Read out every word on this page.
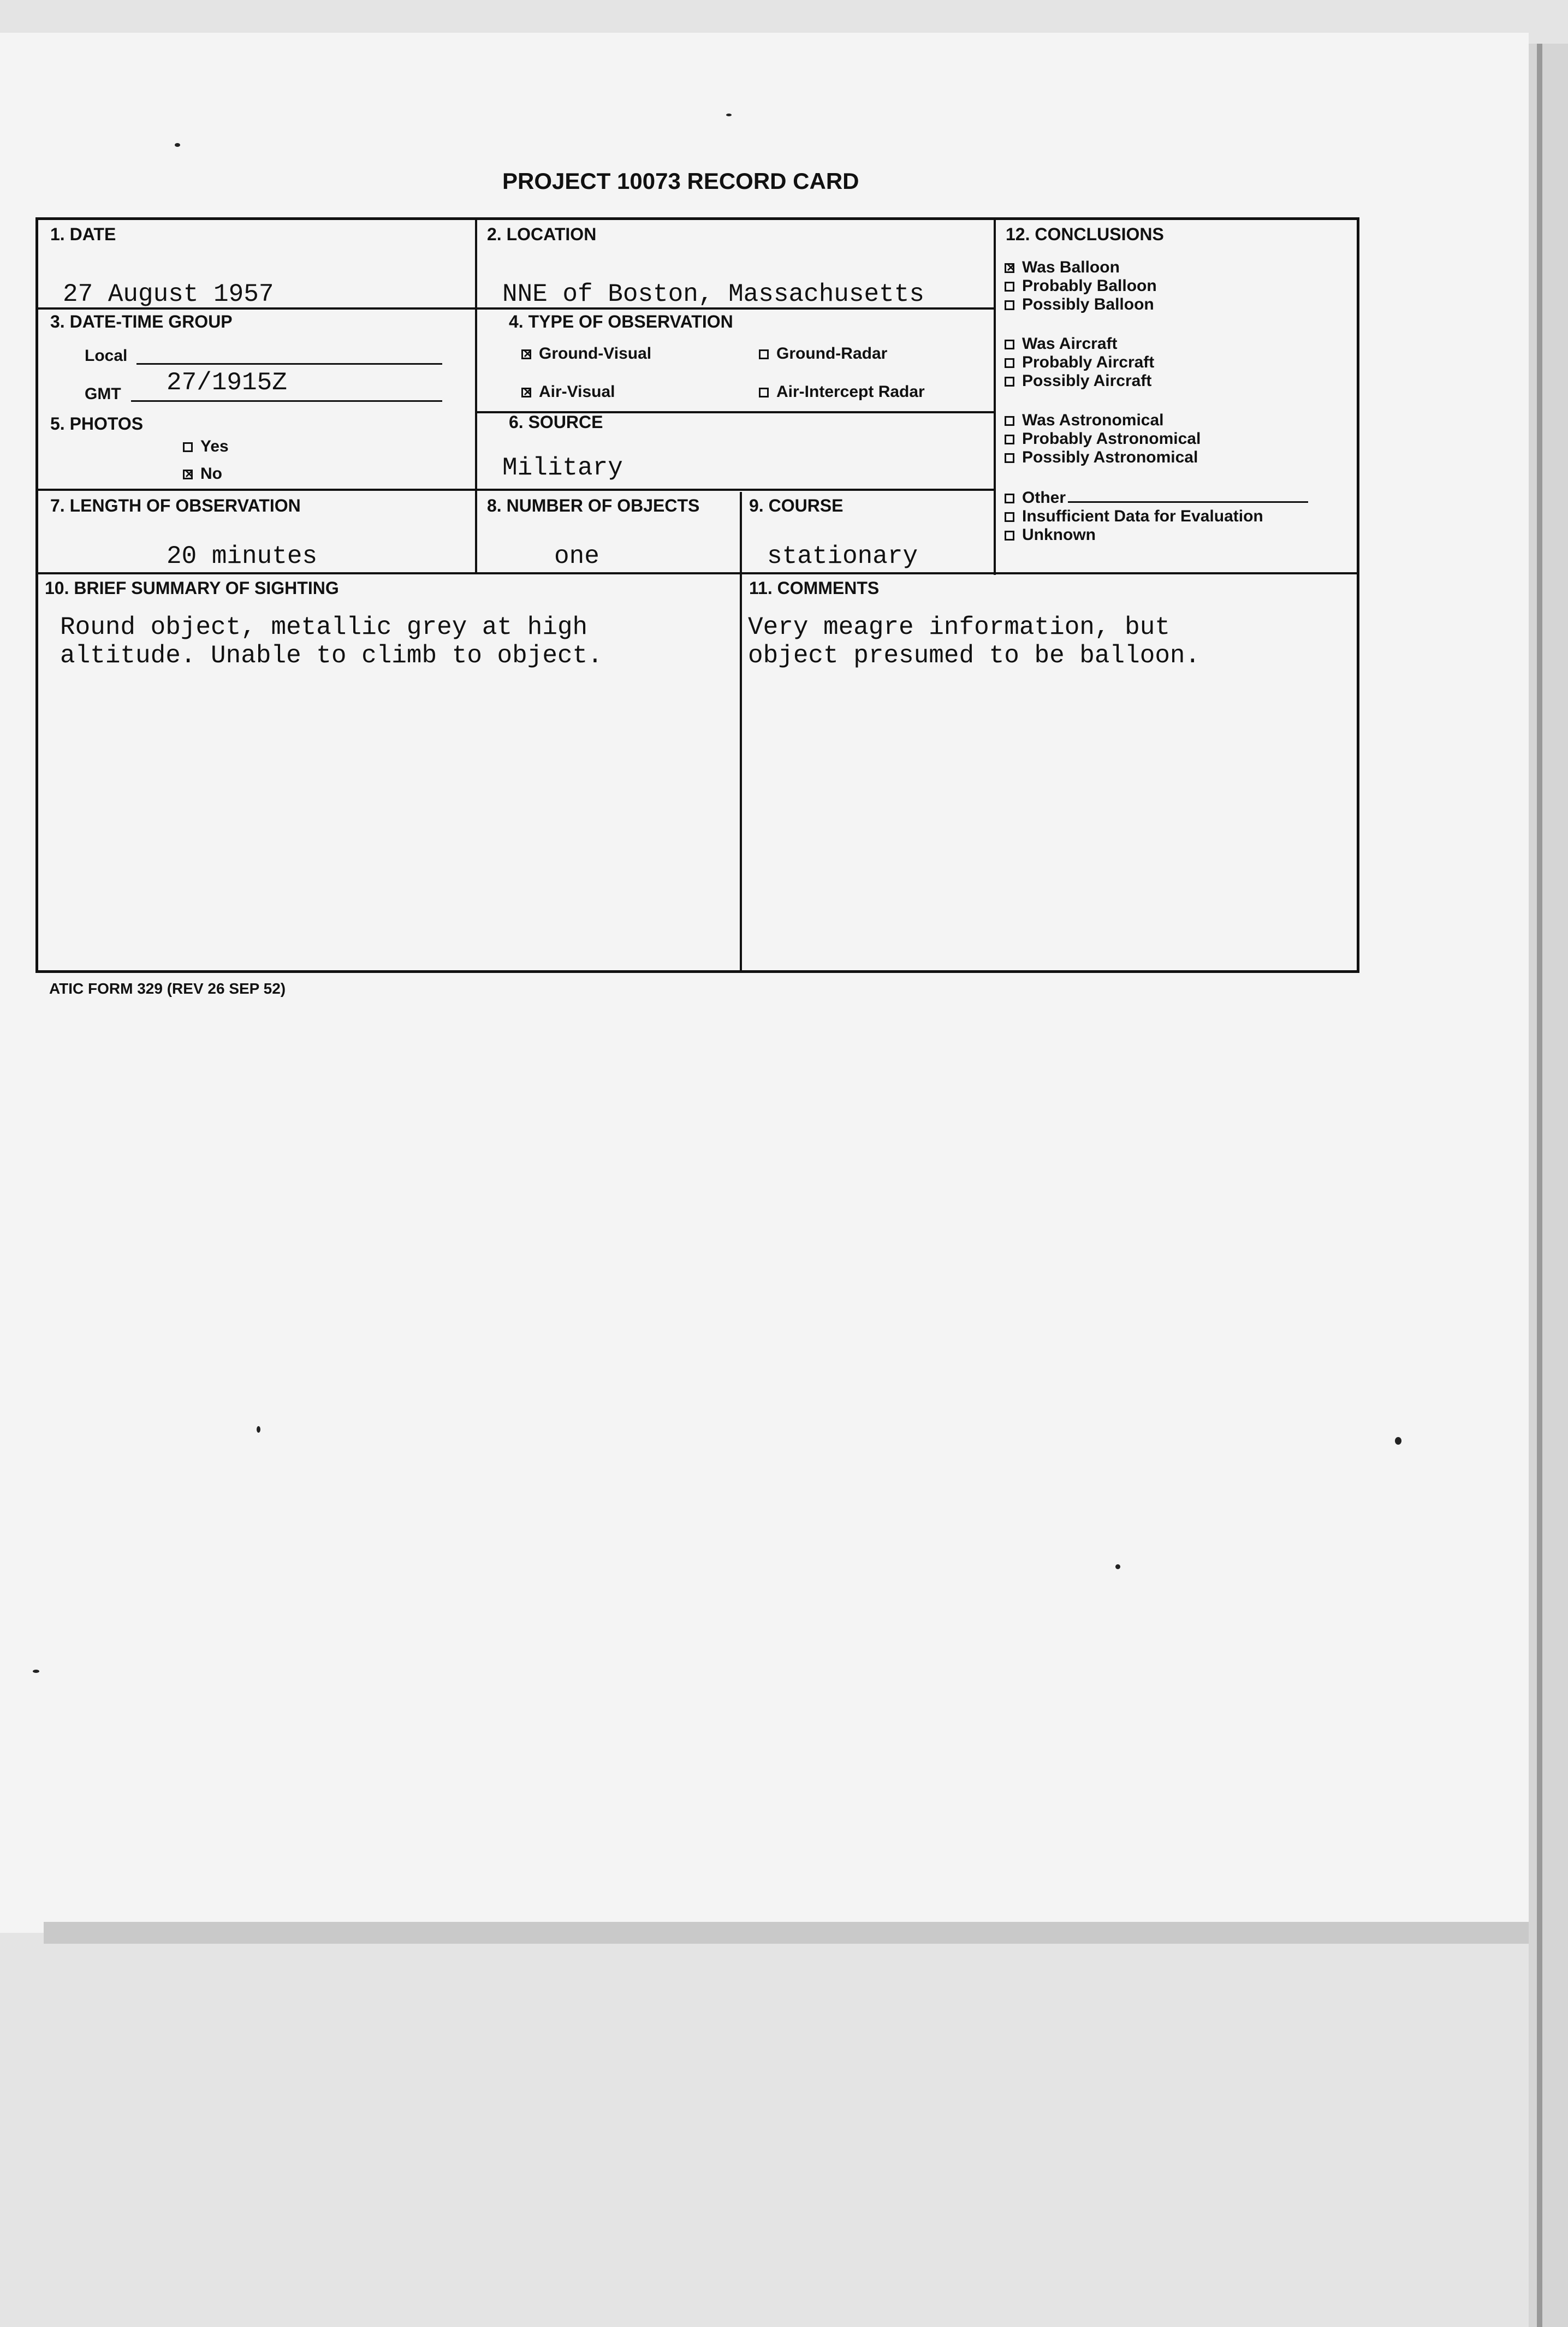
PROJECT 10073 RECORD CARD
1. DATE
27 August 1957
2. LOCATION
NNE of Boston, Massachusetts
3. DATE-TIME GROUP
Local
GMT 27/1915Z
4. TYPE OF OBSERVATION
✕Ground-Visual	Ground-Radar
✕Air-Visual	Air-Intercept Radar
5. PHOTOS
Yes
✕No
6. SOURCE
Military
7. LENGTH OF OBSERVATION
20 minutes
8. NUMBER OF OBJECTS
one
9. COURSE
stationary
10. BRIEF SUMMARY OF SIGHTING
Round object, metallic grey at high
altitude. Unable to climb to object.
11. COMMENTS
Very meagre information, but
object presumed to be balloon.
12. CONCLUSIONS
✕Was Balloon
Probably Balloon
Possibly Balloon
Was Aircraft
Probably Aircraft
Possibly Aircraft
Was Astronomical
Probably Astronomical
Possibly Astronomical
Other
Insufficient Data for Evaluation
Unknown
ATIC FORM 329 (REV 26 SEP 52)
